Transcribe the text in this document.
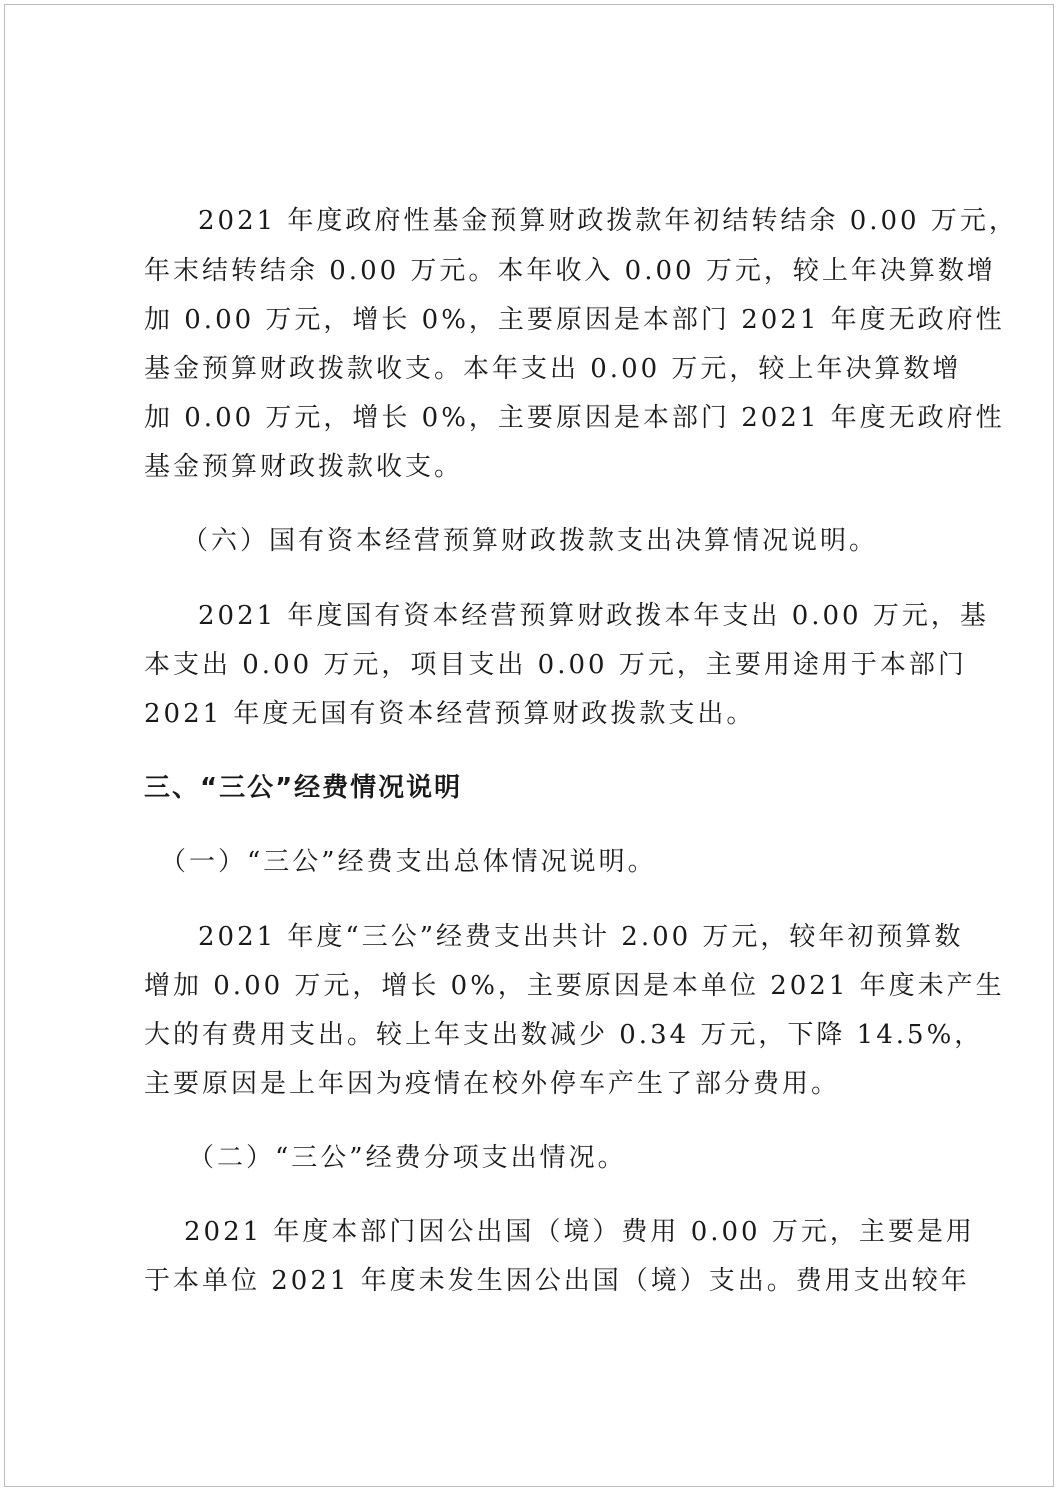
2021 年度政府性基金预算财政拨款年初结转结余 0.00 万元，
年末结转结余 0.00 万元。本年收入 0.00 万元，较上年决算数增
加 0.00 万元，增长 0%，主要原因是本部门 2021 年度无政府性
基金预算财政拨款收支。本年支出 0.00 万元，较上年决算数增
加 0.00 万元，增长 0%，主要原因是本部门 2021 年度无政府性
基金预算财政拨款收支。
（六）国有资本经营预算财政拨款支出决算情况说明。
2021 年度国有资本经营预算财政拨本年支出 0.00 万元，基
本支出 0.00 万元，项目支出 0.00 万元，主要用途用于本部门
2021 年度无国有资本经营预算财政拨款支出。
三、“三公”经费情况说明
（一）“三公”经费支出总体情况说明。
2021 年度“三公”经费支出共计 2.00 万元，较年初预算数
增加 0.00 万元，增长 0%，主要原因是本单位 2021 年度未产生
大的有费用支出。较上年支出数减少 0.34 万元，下降 14.5%，
主要原因是上年因为疫情在校外停车产生了部分费用。
（二）“三公”经费分项支出情况。
2021 年度本部门因公出国（境）费用 0.00 万元，主要是用
于本单位 2021 年度未发生因公出国（境）支出。费用支出较年
